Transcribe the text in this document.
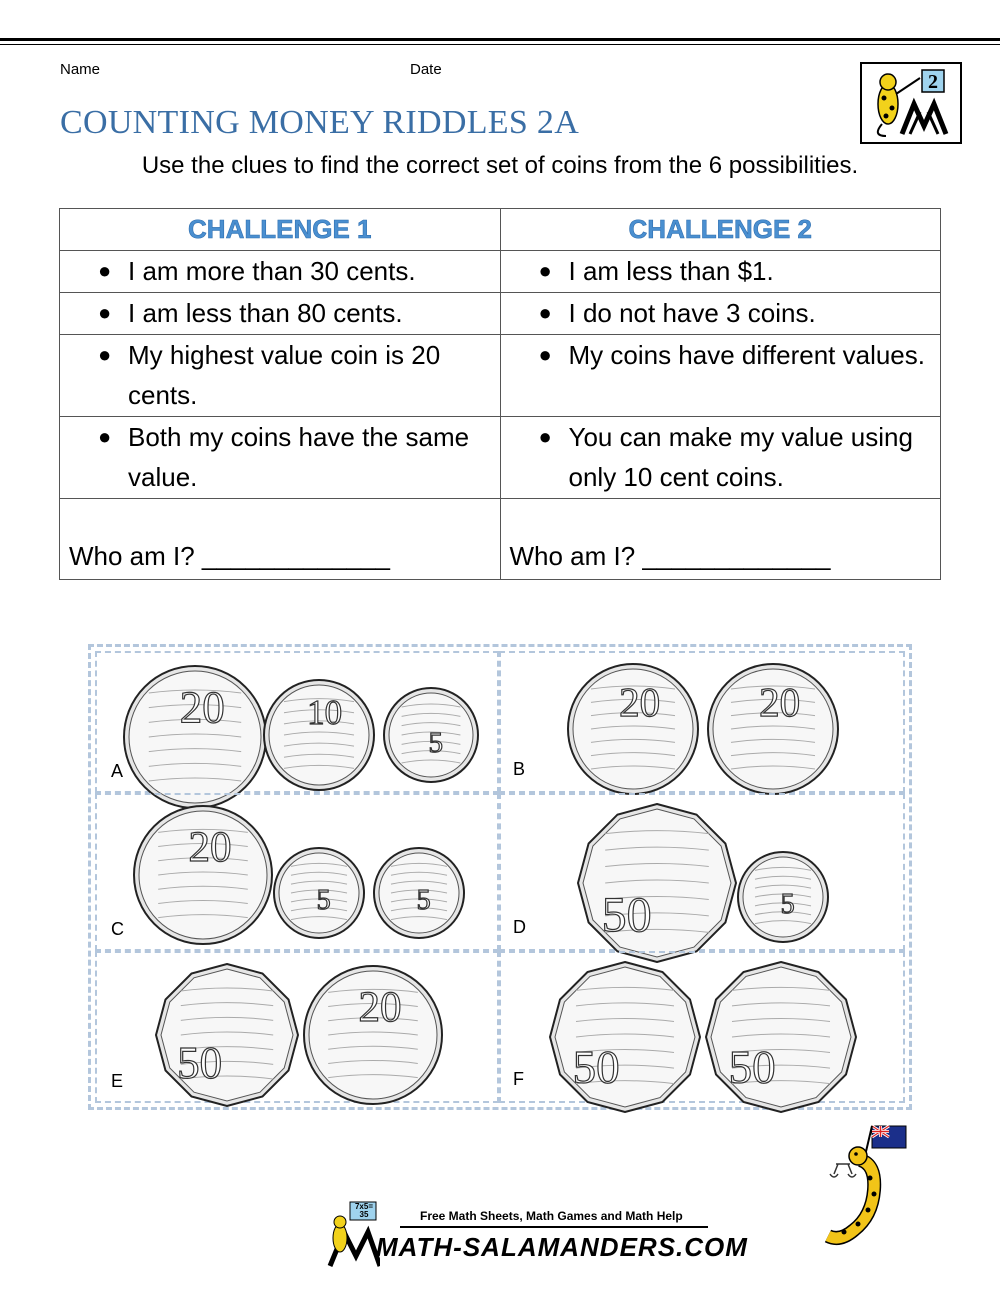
Name	Date
COUNTING MONEY RIDDLES 2A
2
Use the clues to find the correct set of coins from the 6 possibilities.
CHALLENGE 1	CHALLENGE 2

● I am more than 30 cents.	● I am less than $1.

● I am less than 80 cents.	● I do not have 3 coins.

● My highest value coin is 20 cents.	● My coins have different values.

● Both my coins have the same value.	● You can make my value using only 10 cent coins.

Who am I? _____________	Who am I? _____________
A
20 10
5
B
20 20
C
20
5	5
D 50	5
E 50
20
F 50 50
7x5= 35	Free Math Sheets, Math Games and Math Help
MATH-SALAMANDERS.COM
